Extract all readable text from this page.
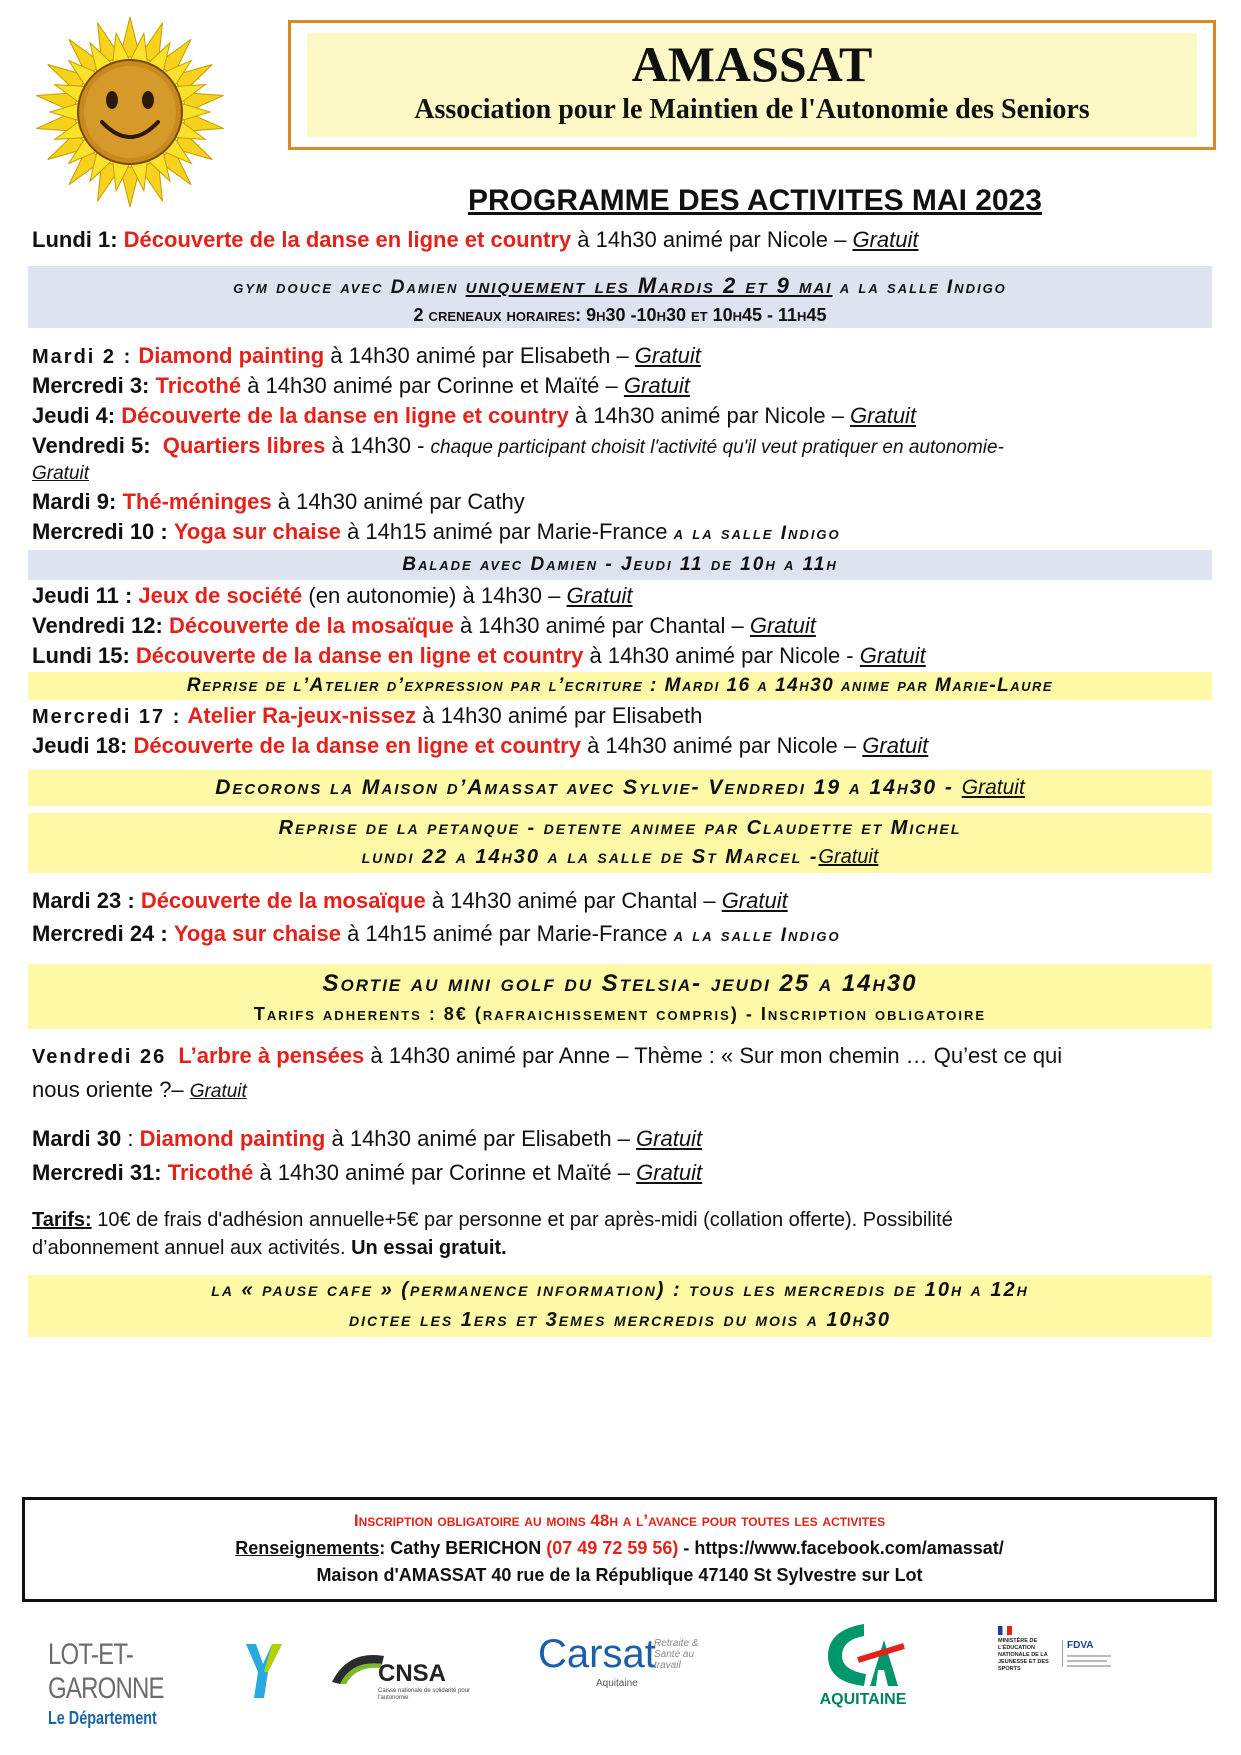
AMASSAT
Association pour le Maintien de l'Autonomie des Seniors
PROGRAMME DES ACTIVITES MAI 2023
Lundi 1: Découverte de la danse en ligne et country à 14h30 animé par Nicole – Gratuit
gym douce avec Damien uniquement les Mardis 2 et 9 mai a la salle Indigo
2 creneaux horaires: 9h30 -10h30 et 10h45 - 11h45
Mardi 2 : Diamond painting à 14h30 animé par Elisabeth – Gratuit
Mercredi 3: Tricothé à 14h30 animé par Corinne et Maïté – Gratuit
Jeudi 4: Découverte de la danse en ligne et country à 14h30 animé par Nicole – Gratuit
Vendredi 5: Quartiers libres à 14h30 - chaque participant choisit l'activité qu'il veut pratiquer en autonomie-
Gratuit
Mardi 9: Thé-méninges à 14h30 animé par Cathy
Mercredi 10 : Yoga sur chaise à 14h15 animé par Marie-France a la salle Indigo
Balade avec Damien - Jeudi 11 de 10h a 11h
Jeudi 11 : Jeux de société (en autonomie) à 14h30 – Gratuit
Vendredi 12: Découverte de la mosaïque à 14h30 animé par Chantal – Gratuit
Lundi 15: Découverte de la danse en ligne et country à 14h30 animé par Nicole - Gratuit
Reprise de l’Atelier d’expression par l’ecriture : Mardi 16 a 14h30 anime par Marie-Laure
Mercredi 17 : Atelier Ra-jeux-nissez à 14h30 animé par Elisabeth
Jeudi 18: Découverte de la danse en ligne et country à 14h30 animé par Nicole – Gratuit
Decorons la Maison d’Amassat avec Sylvie- Vendredi 19 a 14h30 - Gratuit
Reprise de la petanque - detente animee par Claudette et Michel
lundi 22 a 14h30 a la salle de St Marcel -Gratuit
Mardi 23 : Découverte de la mosaïque à 14h30 animé par Chantal – Gratuit
Mercredi 24 : Yoga sur chaise à 14h15 animé par Marie-France a la salle Indigo
Sortie au mini golf du Stelsia- jeudi 25 a 14h30
Tarifs adherents : 8€ (rafraichissement compris) - Inscription obligatoire
Vendredi 26 L’arbre à pensées à 14h30 animé par Anne – Thème : « Sur mon chemin … Qu’est ce qui
nous oriente ?– Gratuit
Mardi 30 : Diamond painting à 14h30 animé par Elisabeth – Gratuit
Mercredi 31: Tricothé à 14h30 animé par Corinne et Maïté – Gratuit
Tarifs: 10€ de frais d'adhésion annuelle+5€ par personne et par après-midi (collation offerte). Possibilité
d’abonnement annuel aux activités. Un essai gratuit.
la « pause cafe » (permanence information) : tous les mercredis de 10h a 12h
dictee les 1ers et 3emes mercredis du mois a 10h30
Inscription obligatoire au moins 48h a l’avance pour toutes les activites
Renseignements: Cathy BERICHON (07 49 72 59 56) - https://www.facebook.com/amassat/
Maison d'AMASSAT 40 rue de la République 47140 St Sylvestre sur Lot
LOT-ET-GARONNE
Le Département
CNSA
Caisse nationale de solidarité pour l'autonomie
Carsat
Retraite & Santé au travail
Aquitaine
AQUITAINE
MINISTÈRE DE L'ÉDUCATION NATIONALE DE LA JEUNESSE ET DES SPORTS
FDVA
